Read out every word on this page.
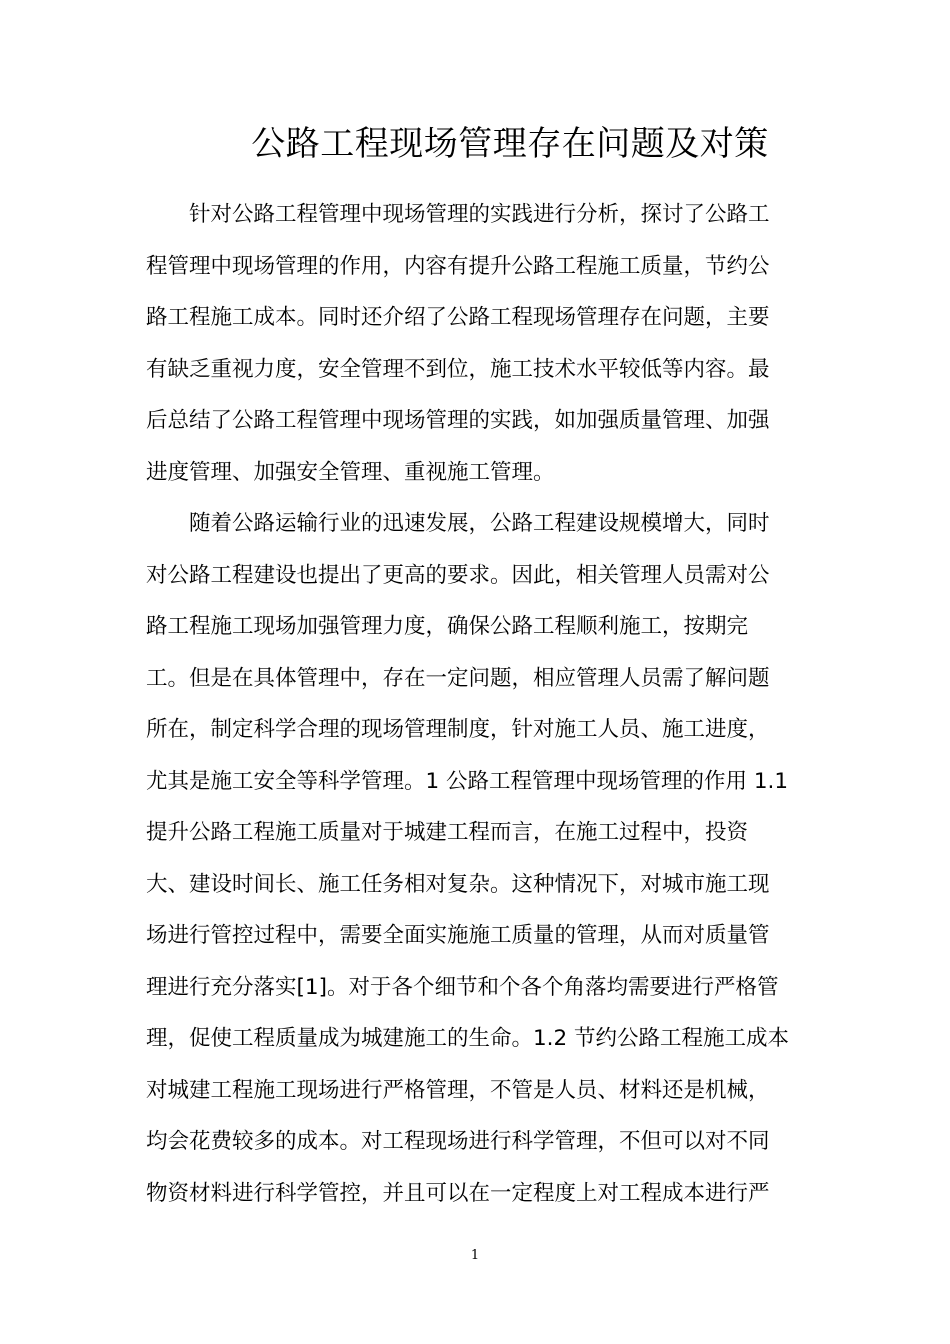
公路工程现场管理存在问题及对策
针对公路工程管理中现场管理的实践进行分析，探讨了公路工
程管理中现场管理的作用，内容有提升公路工程施工质量，节约公
路工程施工成本。同时还介绍了公路工程现场管理存在问题，主要
有缺乏重视力度，安全管理不到位，施工技术水平较低等内容。最
后总结了公路工程管理中现场管理的实践，如加强质量管理、加强
进度管理、加强安全管理、重视施工管理。
随着公路运输行业的迅速发展，公路工程建设规模增大，同时
对公路工程建设也提出了更高的要求。因此，相关管理人员需对公
路工程施工现场加强管理力度，确保公路工程顺利施工，按期完
工。但是在具体管理中，存在一定问题，相应管理人员需了解问题
所在，制定科学合理的现场管理制度，针对施工人员、施工进度，
尤其是施工安全等科学管理。1 公路工程管理中现场管理的作用 1.1
提升公路工程施工质量对于城建工程而言，在施工过程中，投资
大、建设时间长、施工任务相对复杂。这种情况下，对城市施工现
场进行管控过程中，需要全面实施施工质量的管理，从而对质量管
理进行充分落实[1]。对于各个细节和个各个角落均需要进行严格管
理，促使工程质量成为城建施工的生命。1.2 节约公路工程施工成本
对城建工程施工现场进行严格管理，不管是人员、材料还是机械，
均会花费较多的成本。对工程现场进行科学管理，不但可以对不同
物资材料进行科学管控，并且可以在一定程度上对工程成本进行严
1
